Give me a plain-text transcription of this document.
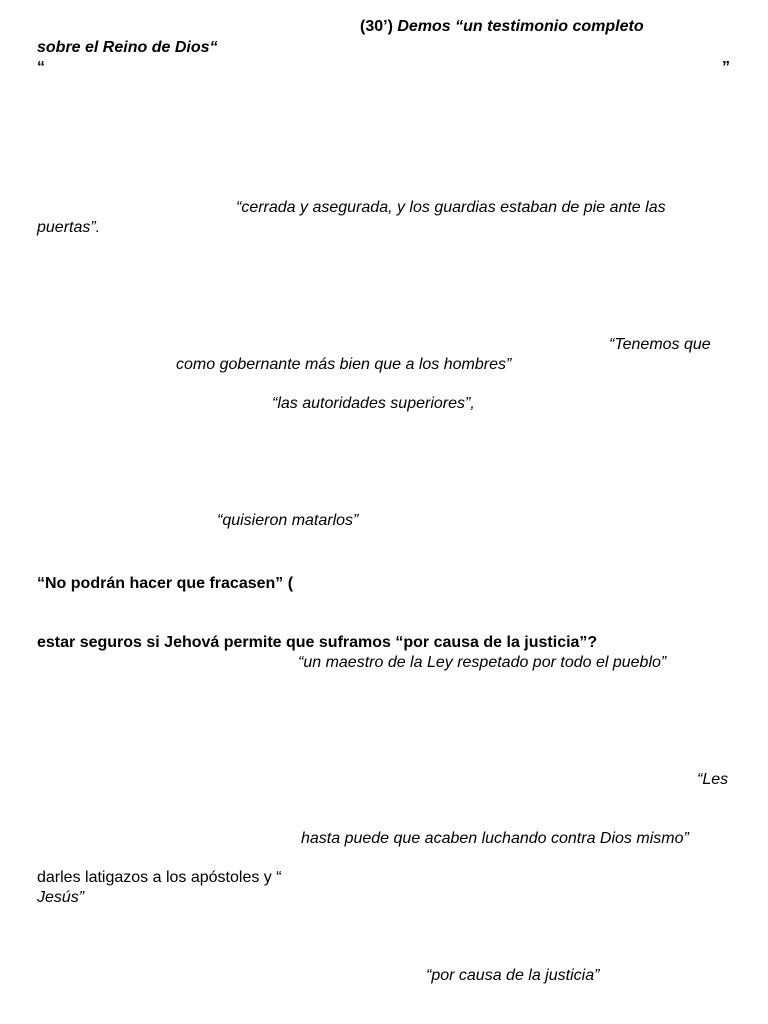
(30’) Demos “un testimonio completo
sobre el Reino de Dios“
“	”
“cerrada y asegurada, y los guardias estaban de pie ante las
puertas”.
“Tenemos que
como gobernante más bien que a los hombres”
“las autoridades superiores”,
“quisieron matarlos”
“No podrán hacer que fracasen” (
estar seguros si Jehová permite que suframos “por causa de la justicia”?
“un maestro de la Ley respetado por todo el pueblo”
“Les
hasta puede que acaben luchando contra Dios mismo”
darles latigazos a los apóstoles y “
Jesús”
“por causa de la justicia”
